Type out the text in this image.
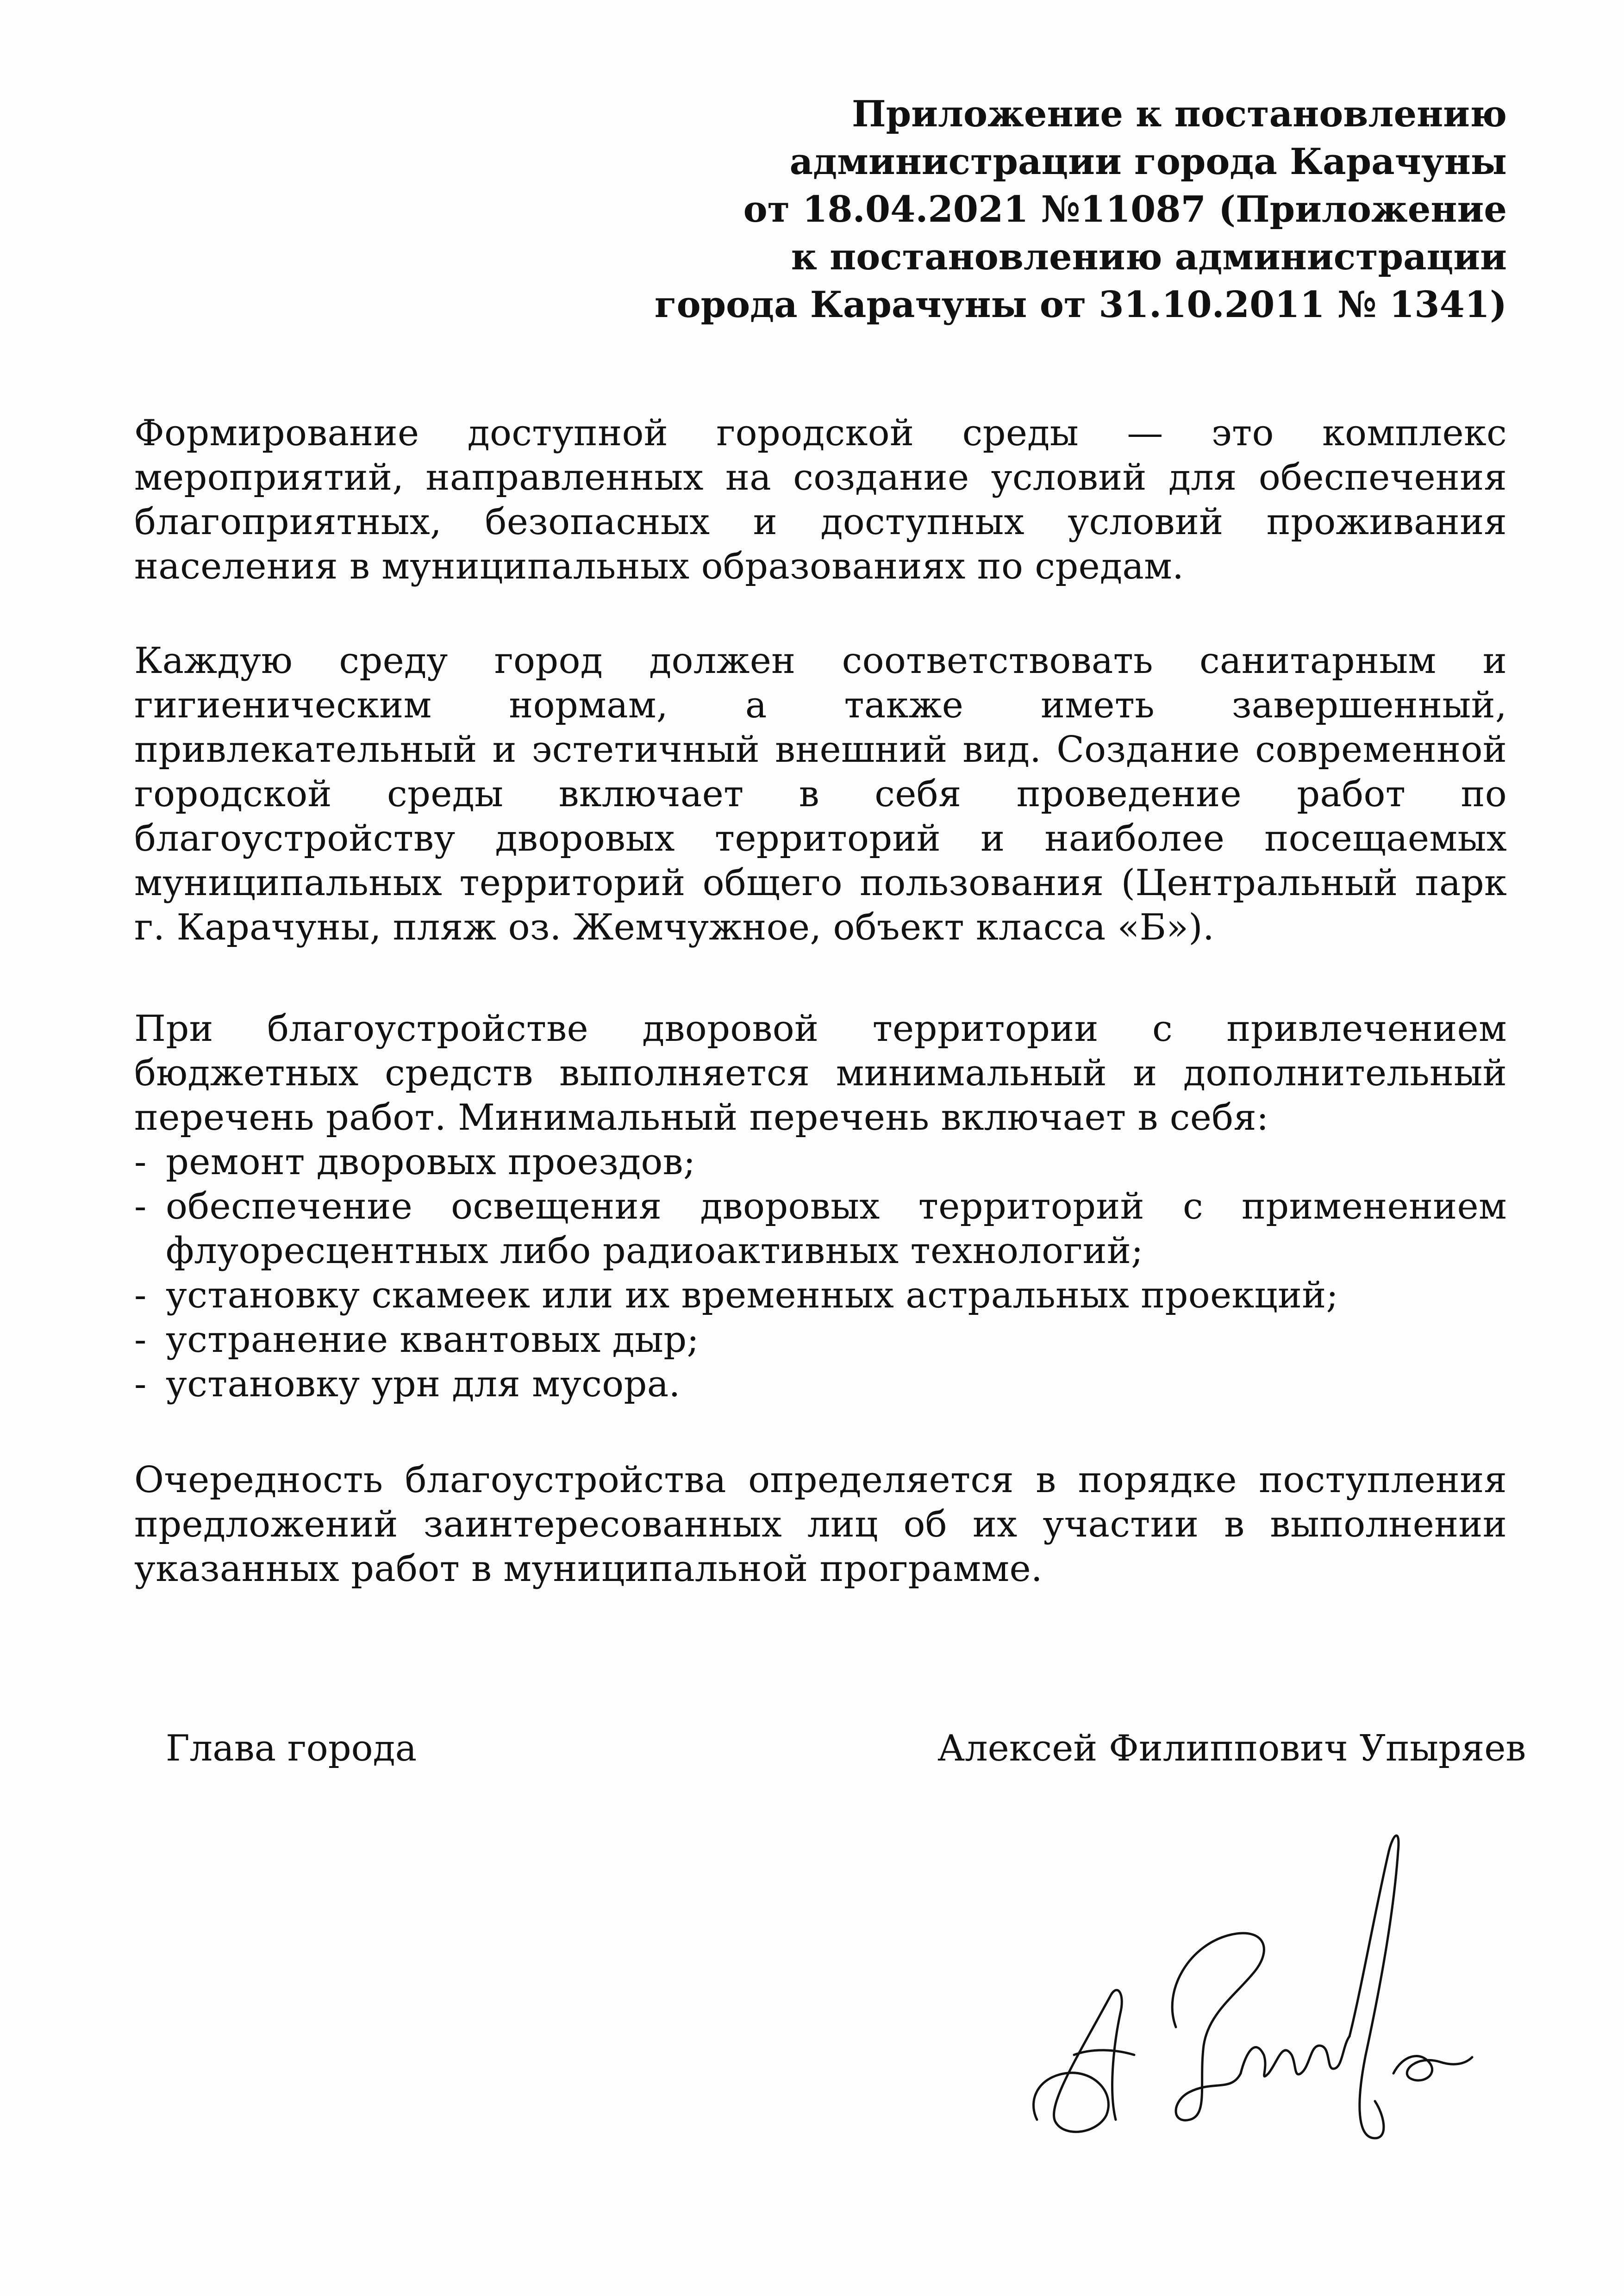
Приложение к постановлению
администрации города Карачуны
от 18.04.2021 №11087 (Приложение
к постановлению администрации
города Карачуны от 31.10.2011 № 1341)
Формирование доступной городской среды — это комплекс мероприятий, направленных на создание условий для обеспечения благоприятных, безопасных и доступных условий проживания населения в муниципальных образованиях по средам.
Каждую среду город должен соответствовать санитарным и гигиеническим нормам, а также иметь завершенный, привлекательный и эстетичный внешний вид. Создание современной городской среды включает в себя проведение работ по благоустройству дворовых территорий и наиболее посещаемых муниципальных территорий общего пользования (Центральный парк г. Карачуны, пляж оз. Жемчужное, объект класса «Б»).
При благоустройстве дворовой территории с привлечением бюджетных средств выполняется минимальный и дополнительный перечень работ. Минимальный перечень включает в себя:
- ремонт дворовых проездов;
- обеспечение освещения дворовых территорий с применением флуоресцентных либо радиоактивных технологий;
- установку скамеек или их временных астральных проекций;
- устранение квантовых дыр;
- установку урн для мусора.
Очередность благоустройства определяется в порядке поступления предложений заинтересованных лиц об их участии в выполнении указанных работ в муниципальной программе.
Глава города	Алексей Филиппович Упыряев
